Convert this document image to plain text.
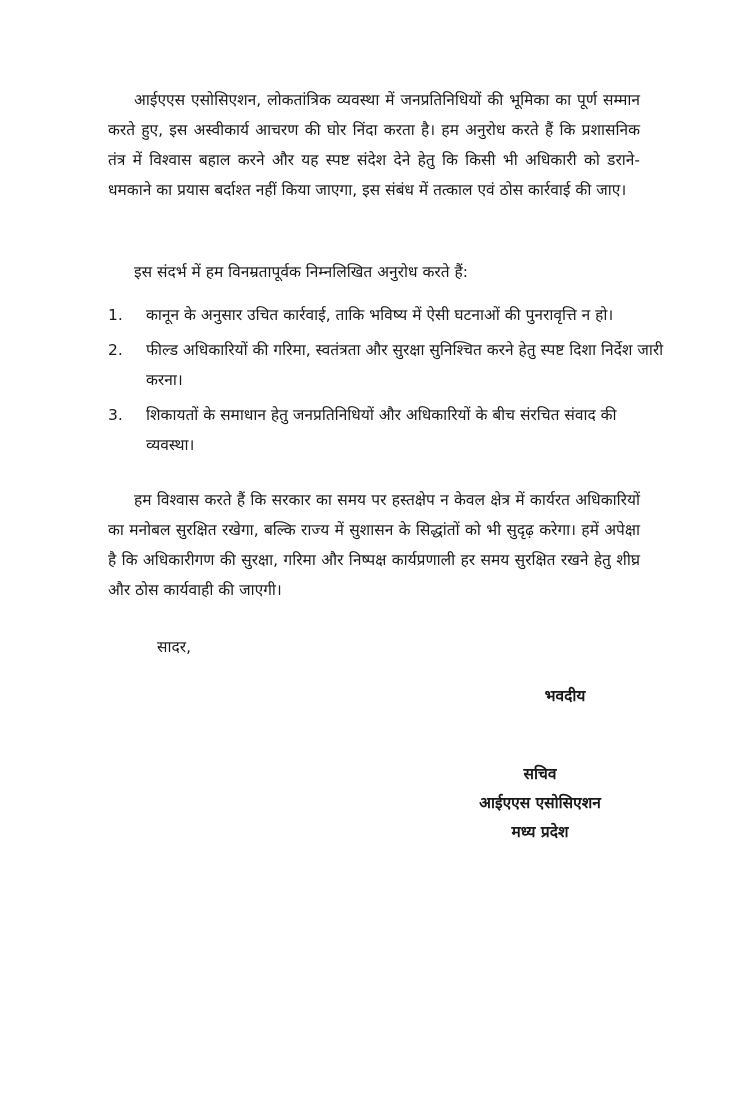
आईएएस एसोसिएशन, लोकतांत्रिक व्यवस्था में जनप्रतिनिधियों की भूमिका का पूर्ण सम्मान करते हुए, इस अस्वीकार्य आचरण की घोर निंदा करता है। हम अनुरोध करते हैं कि प्रशासनिक तंत्र में विश्वास बहाल करने और यह स्पष्ट संदेश देने हेतु कि किसी भी अधिकारी को डराने-धमकाने का प्रयास बर्दाश्त नहीं किया जाएगा, इस संबंध में तत्काल एवं ठोस कार्रवाई की जाए।

इस संदर्भ में हम विनम्रतापूर्वक निम्नलिखित अनुरोध करते हैं:

1. कानून के अनुसार उचित कार्रवाई, ताकि भविष्य में ऐसी घटनाओं की पुनरावृत्ति न हो।
2. फील्ड अधिकारियों की गरिमा, स्वतंत्रता और सुरक्षा सुनिश्चित करने हेतु स्पष्ट दिशा निर्देश जारी करना।
3. शिकायतों के समाधान हेतु जनप्रतिनिधियों और अधिकारियों के बीच संरचित संवाद की व्यवस्था।

हम विश्वास करते हैं कि सरकार का समय पर हस्तक्षेप न केवल क्षेत्र में कार्यरत अधिकारियों का मनोबल सुरक्षित रखेगा, बल्कि राज्य में सुशासन के सिद्धांतों को भी सुदृढ़ करेगा। हमें अपेक्षा है कि अधिकारीगण की सुरक्षा, गरिमा और निष्पक्ष कार्यप्रणाली हर समय सुरक्षित रखने हेतु शीघ्र और ठोस कार्यवाही की जाएगी।

सादर,

भवदीय

सचिव
आईएएस एसोसिएशन
मध्य प्रदेश
